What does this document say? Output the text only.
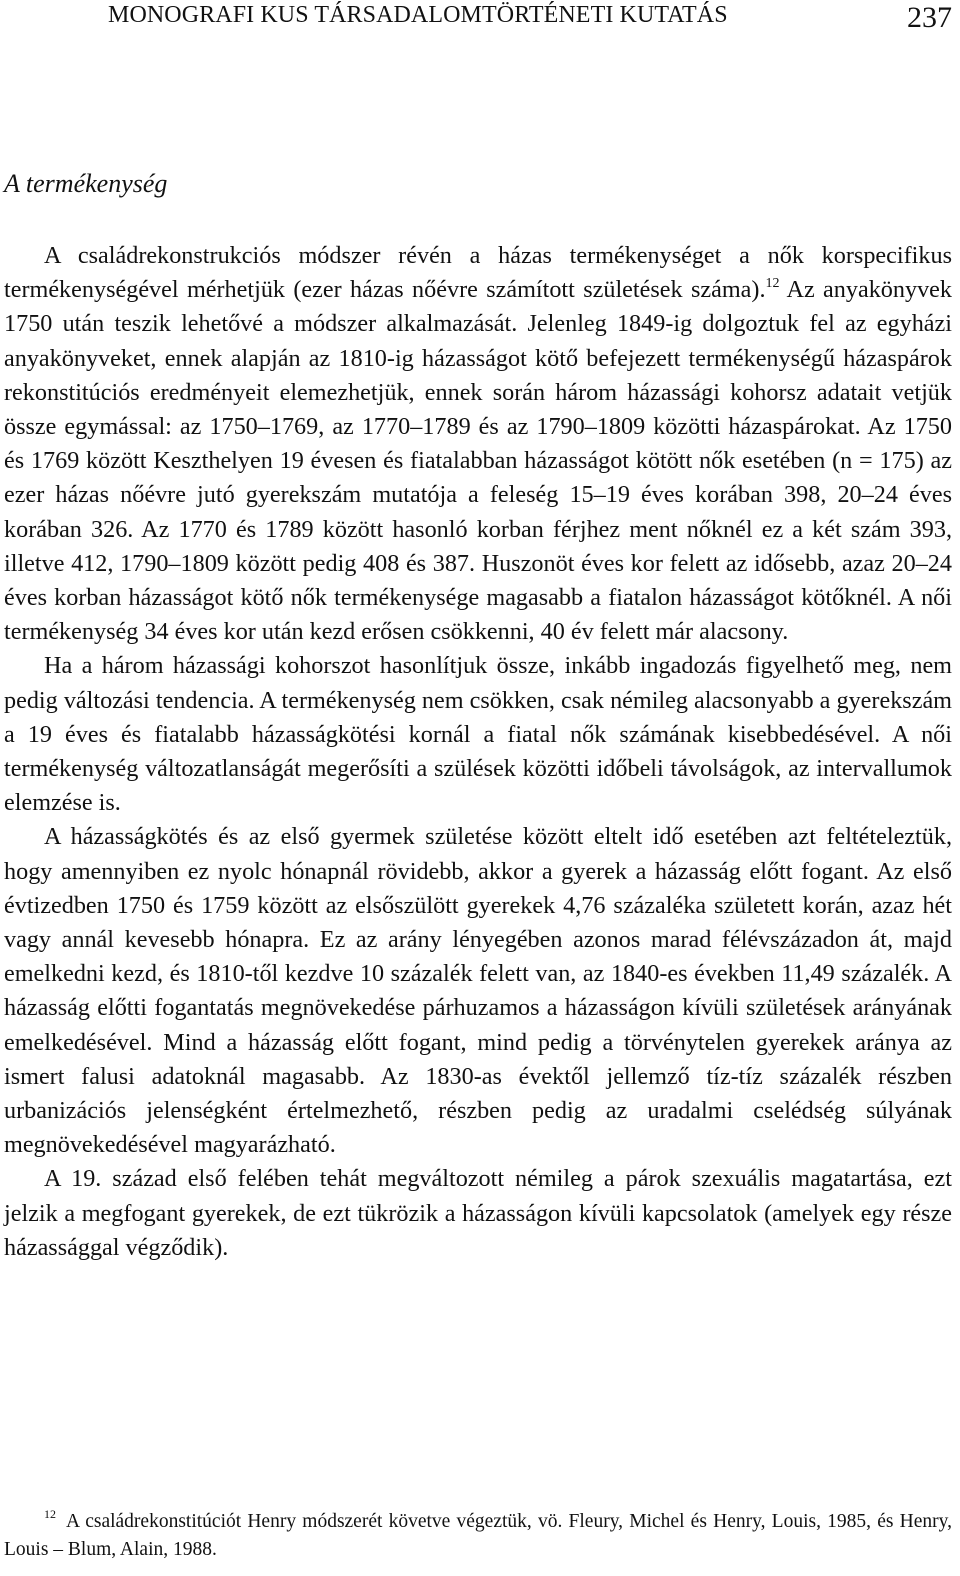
MONOGRAFI KUS TÁRSADALOMTÖRTÉNETI KUTATÁS	237
A termékenység

A családrekonstrukciós módszer révén a házas termékenységet a nők korspecifikus termékenységével mérhetjük (ezer házas nőévre számított születések száma).$^{12}$ Az anyakönyvek 1750 után teszik lehetővé a módszer alkalmazását. Jelenleg 1849-ig dolgoztuk fel az egyházi anyakönyveket, ennek alapján az 1810-ig házasságot kötő befejezett termékenységű házaspárok rekonstitúciós eredményeit elemezhetjük, ennek során három házassági kohorsz adatait vetjük össze egymással: az 1750–1769, az 1770–1789 és az 1790–1809 közötti házaspárokat. Az 1750 és 1769 között Keszthelyen 19 évesen és fiatalabban házasságot kötött nők esetében (n = 175) az ezer házas nőévre jutó gyerekszám mutatója a feleség 15–19 éves korában 398, 20–24 éves korában 326. Az 1770 és 1789 között hasonló korban férjhez ment nőknél ez a két szám 393, illetve 412, 1790–1809 között pedig 408 és 387. Huszonöt éves kor felett az idősebb, azaz 20–24 éves korban házasságot kötő nők termékenysége magasabb a fiatalon házasságot kötőknél. A női termékenység 34 éves kor után kezd erősen csökkenni, 40 év felett már alacsony.

Ha a három házassági kohorszot hasonlítjuk össze, inkább ingadozás figyelhető meg, nem pedig változási tendencia. A termékenység nem csökken, csak némileg alacsonyabb a gyerekszám a 19 éves és fiatalabb házasságkötési kornál a fiatal nők számának kisebbedésével. A női termékenység változatlanságát megerősíti a szülések közötti időbeli távolságok, az intervallumok elemzése is.

A házasságkötés és az első gyermek születése között eltelt idő esetében azt feltételeztük, hogy amennyiben ez nyolc hónapnál rövidebb, akkor a gyerek a házasság előtt fogant. Az első évtizedben 1750 és 1759 között az elsőszülött gyerekek 4,76 százaléka született korán, azaz hét vagy annál kevesebb hónapra. Ez az arány lényegében azonos marad félévszázadon át, majd emelkedni kezd, és 1810-től kezdve 10 százalék felett van, az 1840-es években 11,49 százalék. A házasság előtti fogantatás megnövekedése párhuzamos a házasságon kívüli születések arányának emelkedésével. Mind a házasság előtt fogant, mind pedig a törvénytelen gyerekek aránya az ismert falusi adatoknál magasabb. Az 1830-as évektől jellemző tíz-tíz százalék részben urbanizációs jelenségként értelmezhető, részben pedig az uradalmi cselédség súlyának megnövekedésével magyarázható.

A 19. század első felében tehát megváltozott némileg a párok szexuális magatartása, ezt jelzik a megfogant gyerekek, de ezt tükrözik a házasságon kívüli kapcsolatok (amelyek egy része házassággal végződik).

$^{12}$ A családrekonstitúciót Henry módszerét követve végeztük, vö. Fleury, Michel és Henry, Louis, 1985, és Henry, Louis – Blum, Alain, 1988.
